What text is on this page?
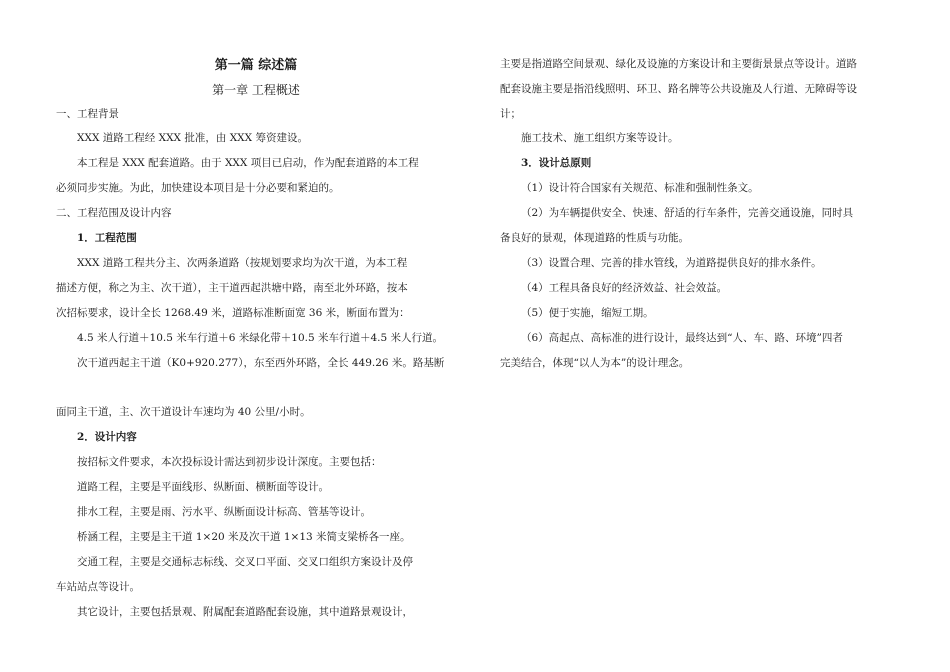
第一篇 综述篇
第一章 工程概述
一、工程背景
XXX 道路工程经 XXX 批准，由 XXX 筹资建设。
本工程是 XXX 配套道路。由于 XXX 项目已启动，作为配套道路的本工程
必须同步实施。为此，加快建设本项目是十分必要和紧迫的。
二、工程范围及设计内容
1．工程范围
XXX 道路工程共分主、次两条道路（按规划要求均为次干道，为本工程
描述方便，称之为主、次干道），主干道西起洪塘中路，南至北外环路，按本
次招标要求，设计全长 1268.49 米，道路标准断面宽 36 米，断面布置为：
4.5 米人行道＋10.5 米车行道＋6 米绿化带＋10.5 米车行道＋4.5 米人行道。
次干道西起主干道（K0+920.277），东至西外环路，全长 449.26 米。路基断
面同主干道，主、次干道设计车速均为 40 公里/小时。
2．设计内容
按招标文件要求，本次投标设计需达到初步设计深度。主要包括：
道路工程，主要是平面线形、纵断面、横断面等设计。
排水工程，主要是雨、污水平、纵断面设计标高、管基等设计。
桥涵工程，主要是主干道 1×20 米及次干道 1×13 米简支梁桥各一座。
交通工程，主要是交通标志标线、交叉口平面、交叉口组织方案设计及停
车站站点等设计。
其它设计，主要包括景观、附属配套道路配套设施，其中道路景观设计，
主要是指道路空间景观、绿化及设施的方案设计和主要街景景点等设计。道路
配套设施主要是指沿线照明、环卫、路名牌等公共设施及人行道、无障碍等设
计；
施工技术、施工组织方案等设计。
3．设计总原则
（1）设计符合国家有关规范、标准和强制性条文。
（2）为车辆提供安全、快速、舒适的行车条件，完善交通设施，同时具
备良好的景观，体现道路的性质与功能。
（3）设置合理、完善的排水管线，为道路提供良好的排水条件。
（4）工程具备良好的经济效益、社会效益。
（5）便于实施，缩短工期。
（6）高起点、高标准的进行设计，最终达到“人、车、路、环境”四者
完美结合，体现“以人为本”的设计理念。
